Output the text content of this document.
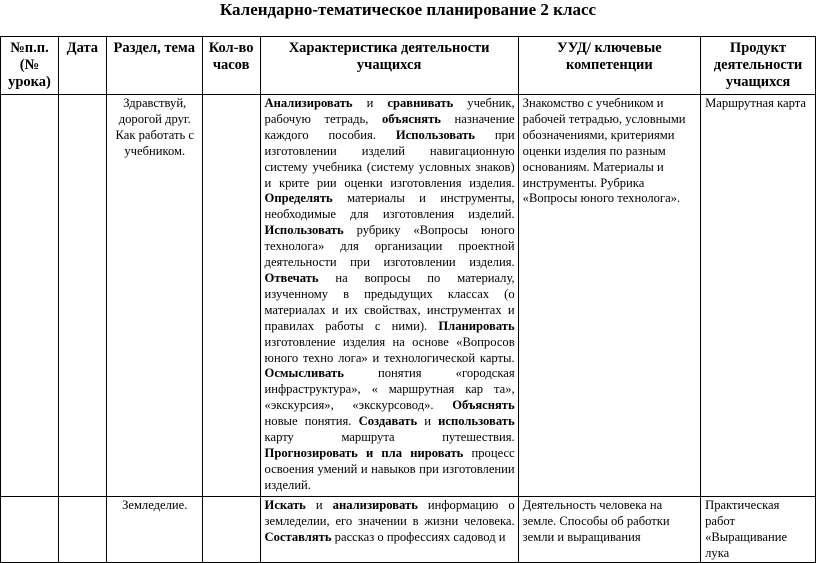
Календарно-тематическое планирование 2 класс
№п.п. (№ урока)	Дата	Раздел, тема	Кол-во часов	Характеристика деятельности учащихся	УУД/ ключевые компетенции	Продукт деятельности учащихся
		Здравствуй, дорогой друг. Как работать с учебником.		Анализировать и сравнивать учебник, рабочую тетрадь, объяснять назначение каждого пособия. Использовать при изготовлении изделий навигационную систему учебника (систему условных знаков) и крите рии оценки изготовления изделия. Определять материалы и инструменты, необходимые для изготовления изделий. Использовать рубрику «Вопросы юного технолога» для организации проектной деятельности при изготовлении изделия. Отвечать на вопросы по материалу, изученному в предыдущих классах (о материалах и их свойствах, инструментах и правилах работы с ними). Планировать изготовление изделия на основе «Вопросов юного техно лога» и технологической карты. Осмысливать понятия «городская инфраструктура», « маршрутная кар та», «экскурсия», «экскурсовод». Объяснять новые понятия. Создавать и использовать карту маршрута путешествия. Прогнозировать и пла нировать процесс освоения умений и навыков при изготовлении изделий.	Знакомство с учебником и рабочей тетрадью, условными обозначениями, критериями оценки изделия по разным основаниям. Материалы и инструменты. Рубрика «Вопросы юного технолога».	Маршрутная карта
		Земледелие.		Искать и анализировать информацию о земледелии, его значении в жизни человека. Составлять рассказ о профессиях садовод и	Деятельность человека на земле. Способы об работки земли и выращивания	Практическая работ «Выращивание лука
